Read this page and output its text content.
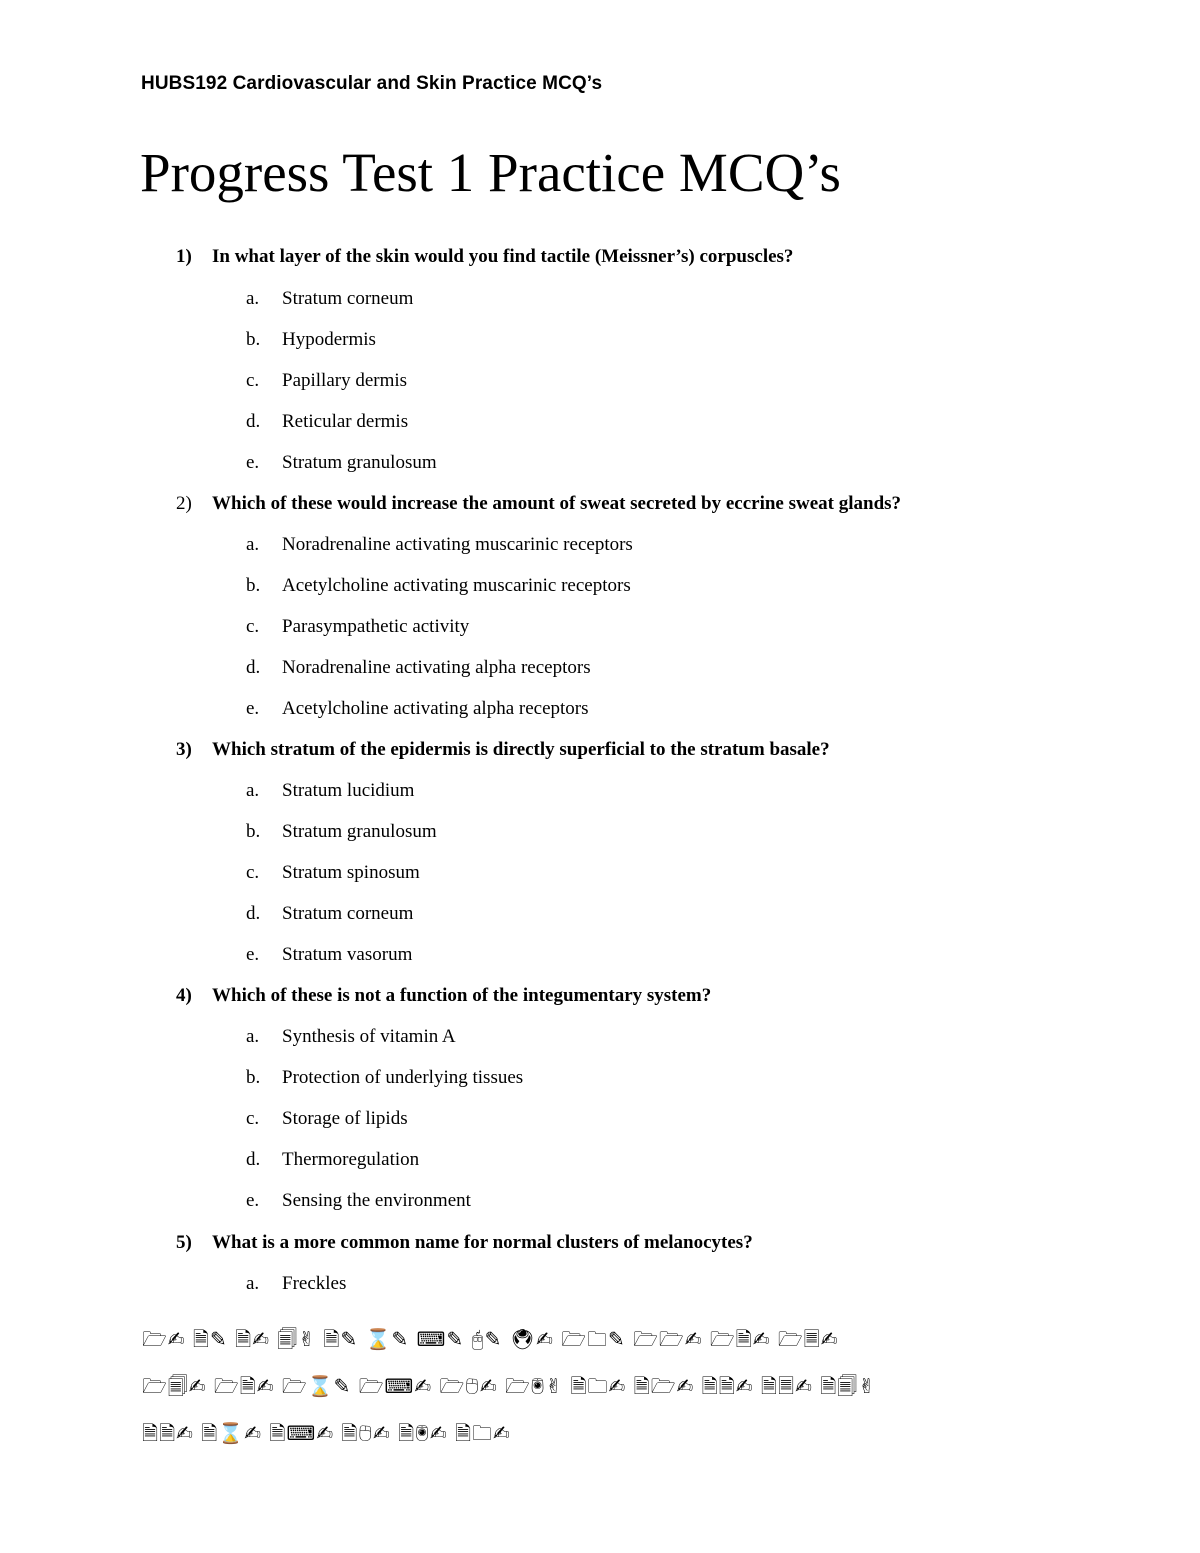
HUBS192 Cardiovascular and Skin Practice MCQ’s
Progress Test 1 Practice MCQ’s
1) In what layer of the skin would you find tactile (Meissner’s) corpuscles?
a. Stratum corneum
b. Hypodermis
c. Papillary dermis
d. Reticular dermis
e. Stratum granulosum
2) Which of these would increase the amount of sweat secreted by eccrine sweat glands?
a. Noradrenaline activating muscarinic receptors
b. Acetylcholine activating muscarinic receptors
c. Parasympathetic activity
d. Noradrenaline activating alpha receptors
e. Acetylcholine activating alpha receptors
3) Which stratum of the epidermis is directly superficial to the stratum basale?
a. Stratum lucidium
b. Stratum granulosum
c. Stratum spinosum
d. Stratum corneum
e. Stratum vasorum
4) Which of these is not a function of the integumentary system?
a. Synthesis of vitamin A
b. Protection of underlying tissues
c. Storage of lipids
d. Thermoregulation
e. Sensing the environment
5) What is a more common name for normal clusters of melanocytes?
a. Freckles
🗁✍ 🗎✎ 🗎✍ 🗐✌ 🗎✎ ⌛✎ ⌨✎ 🖰✎ 🖲✍ 🗁🗀✎ 🗁🗁✍ 🗁🗎✍ 🗁🗏✍
🗁🗐✍ 🗁🗎✍ 🗁⌛✎ 🗁⌨✍ 🗁🖰✍ 🗁🖲✌ 🗎🗀✍ 🗎🗁✍ 🗎🗎✍ 🗎🗏✍ 🗎🗐✌
🗎🗎✍ 🗎⌛✍ 🗎⌨✍ 🗎🖰✍ 🗎🖲✍ 🗎🗀✍
